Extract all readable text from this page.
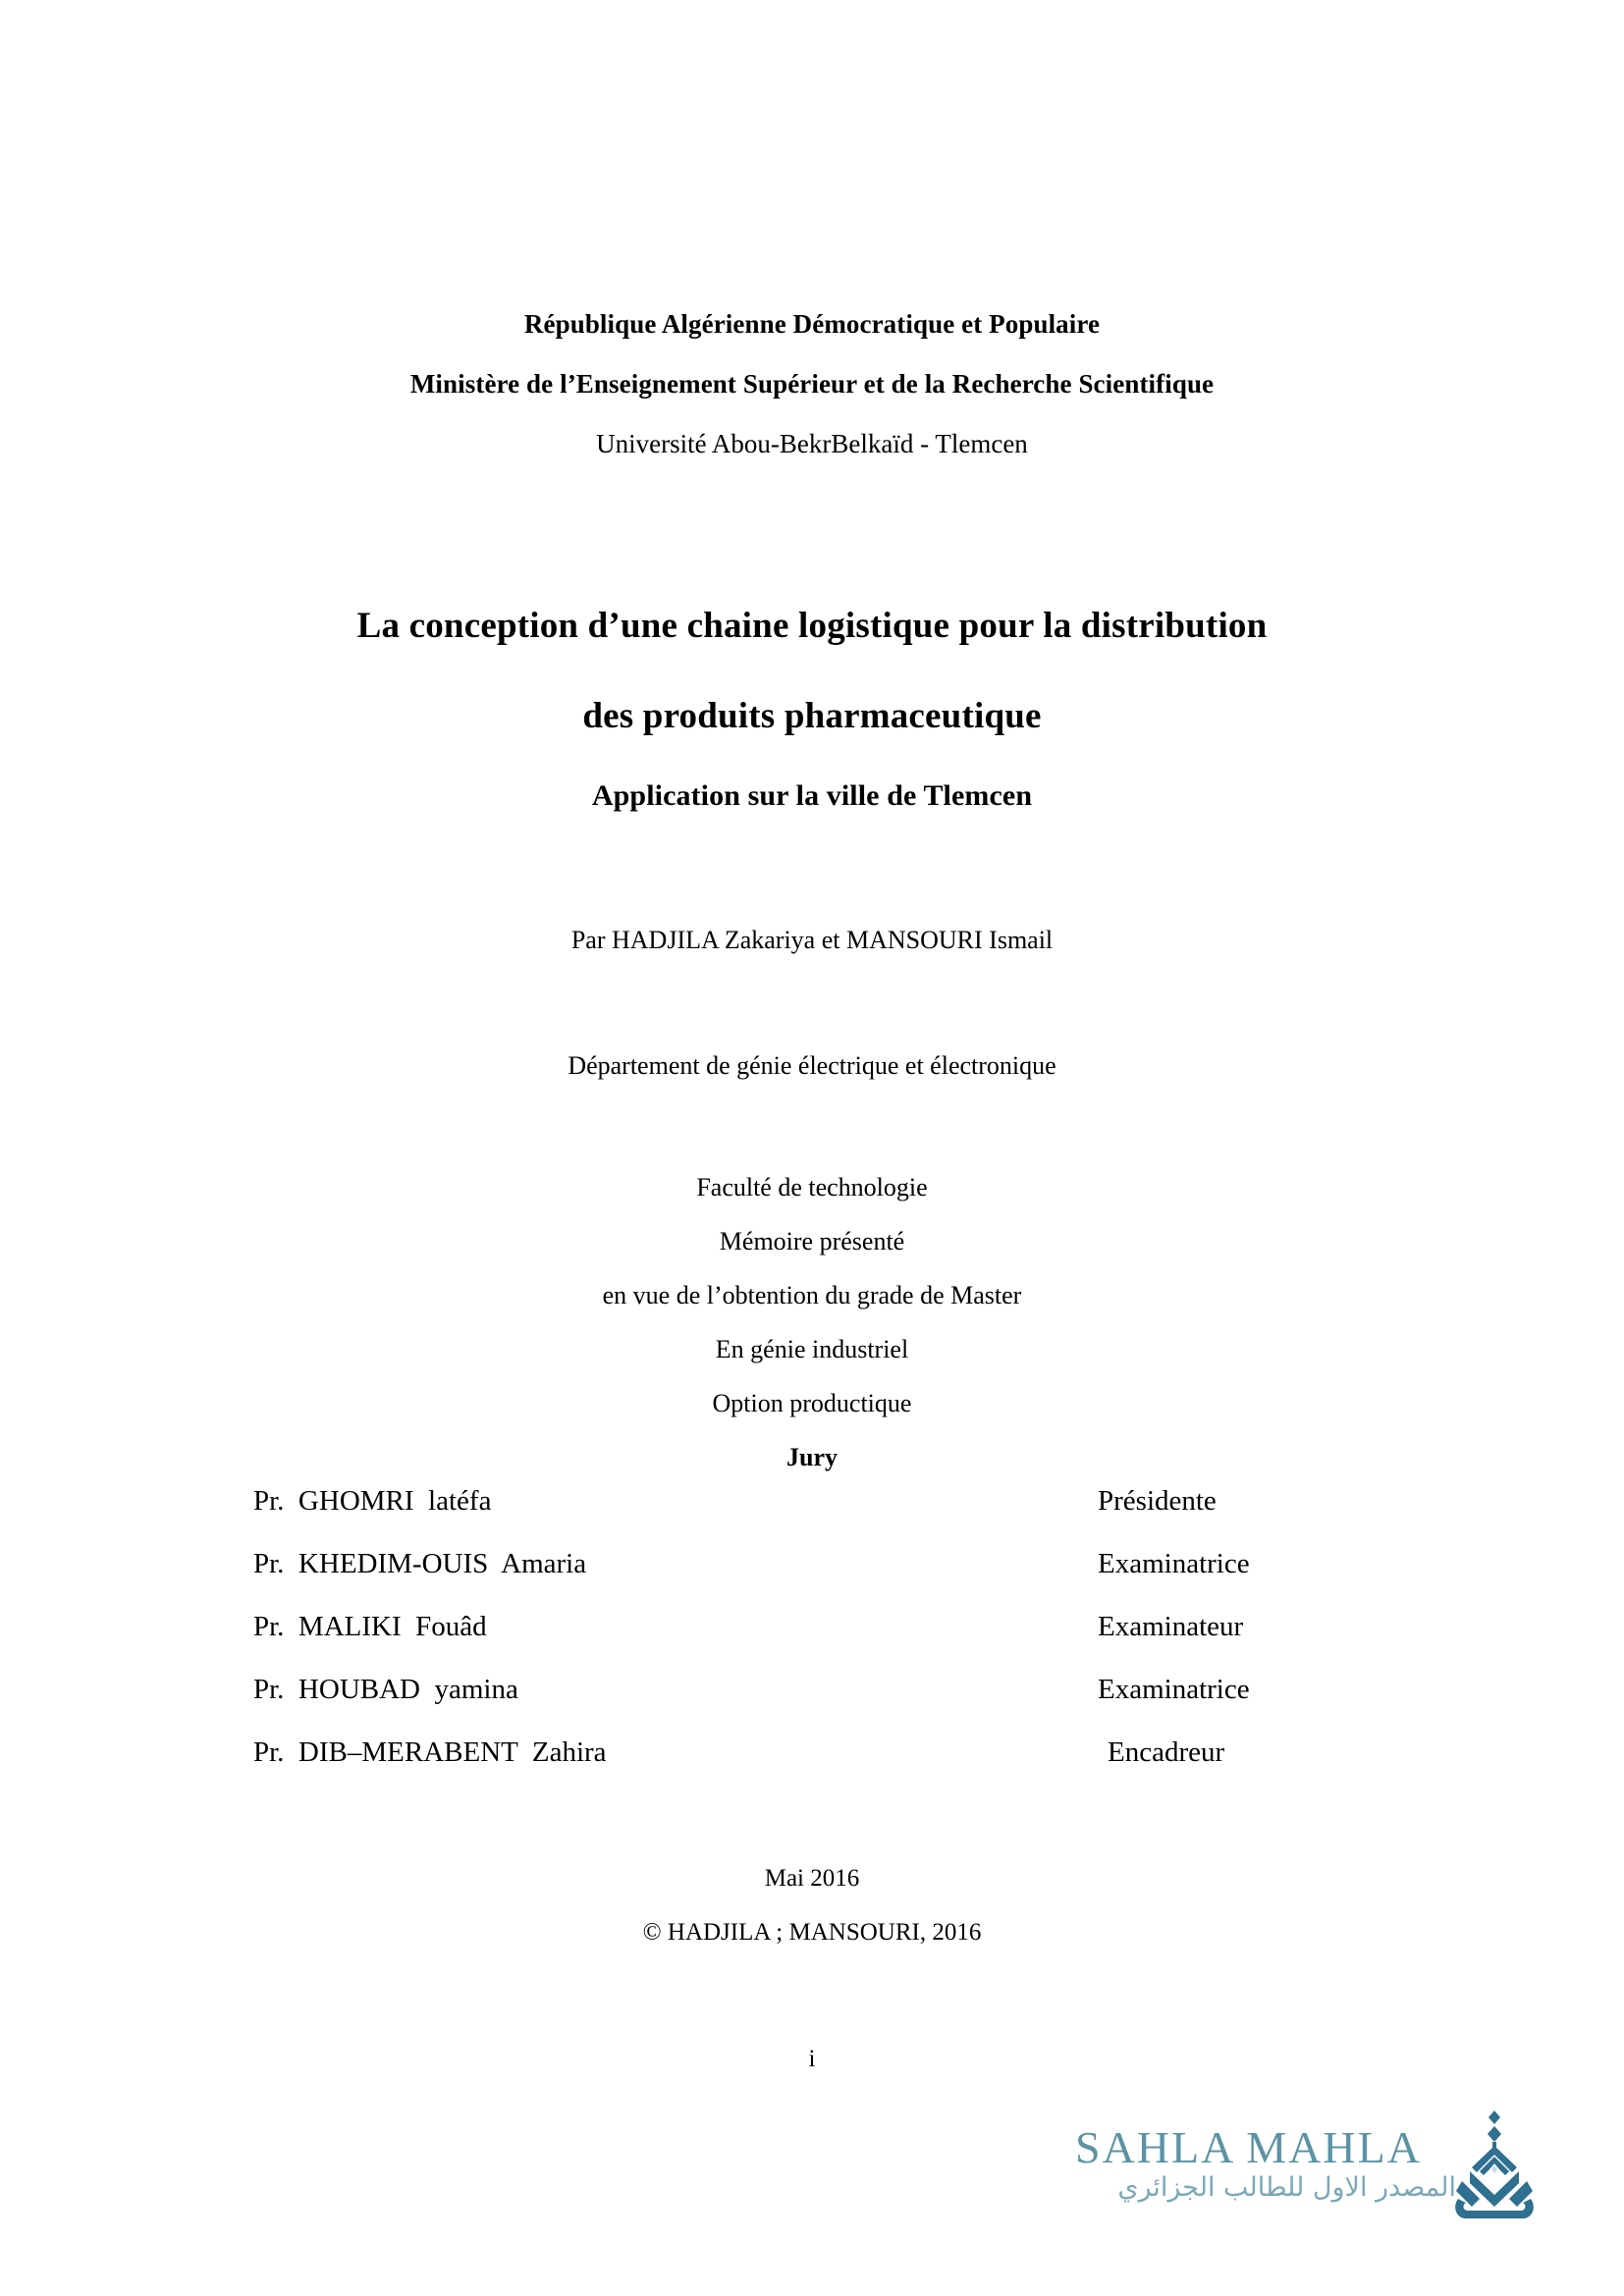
République Algérienne Démocratique et Populaire
Ministère de l’Enseignement Supérieur et de la Recherche Scientifique
Université Abou-BekrBelkaïd - Tlemcen
La conception d’une chaine logistique pour la distribution
des produits pharmaceutique
Application sur la ville de Tlemcen
Par HADJILA Zakariya et MANSOURI Ismail
Département de génie électrique et électronique
Faculté de technologie
Mémoire présenté
en vue de l’obtention du grade de Master
En génie industriel
Option productique
Jury
Pr.  GHOMRI  latéfa	Présidente
Pr.  KHEDIM-OUIS  Amaria	Examinatrice
Pr.  MALIKI  Fouâd	Examinateur
Pr.  HOUBAD  yamina	Examinatrice
Pr.  DIB–MERABENT  Zahira	Encadreur
Mai 2016
© HADJILA ; MANSOURI, 2016
i
SAHLA MAHLA
المصدر الاول للطالب الجزائري
